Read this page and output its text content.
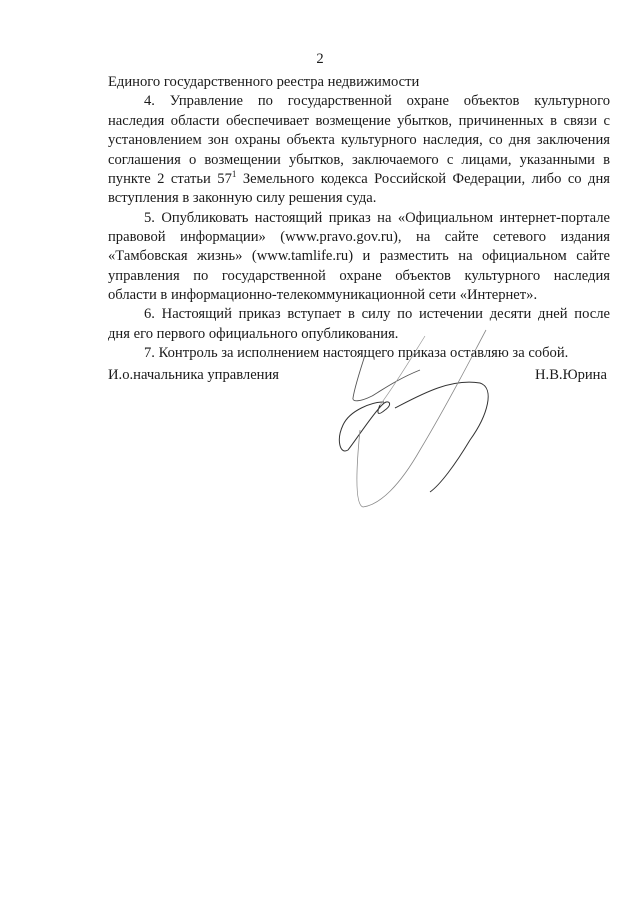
2
Единого государственного реестра недвижимости
4. Управление по государственной охране объектов культурного
наследия области обеспечивает возмещение убытков, причиненных в связи с
установлением зон охраны объекта культурного наследия, со дня заключения
соглашения о возмещении убытков, заключаемого с лицами, указанными в
пункте 2 статьи $57^1$ Земельного кодекса Российской Федерации, либо со дня
вступления в законную силу решения суда.
5. Опубликовать настоящий приказ на «Официальном интернет-портале
правовой информации» (www.pravo.gov.ru), на сайте сетевого издания
«Тамбовская жизнь» (www.tamlife.ru) и разместить на официальном сайте
управления по государственной охране объектов культурного наследия
области в информационно-телекоммуникационной сети «Интернет».
6. Настоящий приказ вступает в силу по истечении десяти дней после
дня его первого официального опубликования.
7. Контроль за исполнением настоящего приказа оставляю за собой.
И.о.начальника управления	Н.В.Юрина
